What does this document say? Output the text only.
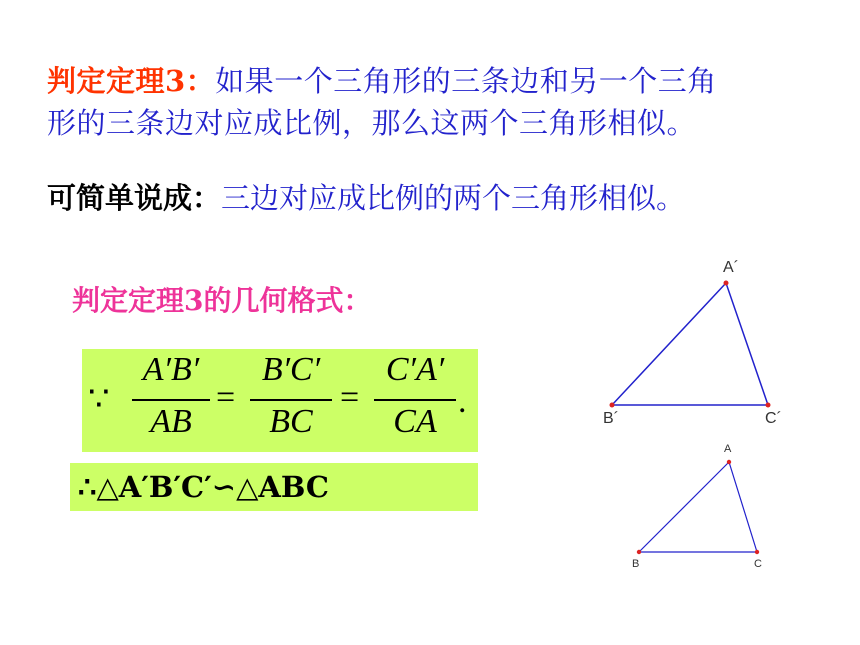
判定定理3：如果一个三角形的三条边和另一个三角
形的三条边对应成比例，那么这两个三角形相似。
可简单说成：三边对应成比例的两个三角形相似。
判定定理3的几何格式：
∵
A′B′
AB
=
B′C′
BC
=
C′A′
CA
.
∴△A′B′C′∽△ABC
A´
B´	C´
A
B	C
